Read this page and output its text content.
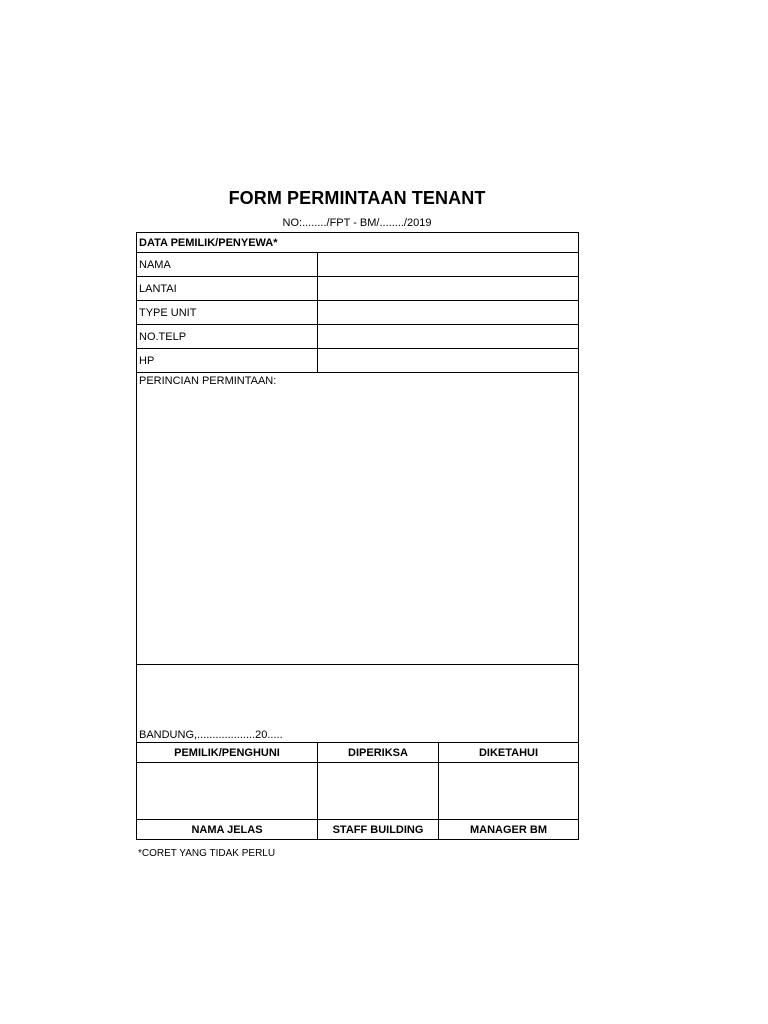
FORM PERMINTAAN TENANT
NO:......../FPT - BM/......../2019
DATA PEMILIK/PENYEWA*		
NAMA		
LANTAI		
TYPE UNIT		
NO.TELP		
HP		
PERINCIAN PERMINTAAN:		
BANDUNG,...................20.....		
PEMILIK/PENGHUNI	DIPERIKSA	DIKETAHUI

NAMA JELAS	STAFF BUILDING	MANAGER BM
*CORET YANG TIDAK PERLU
